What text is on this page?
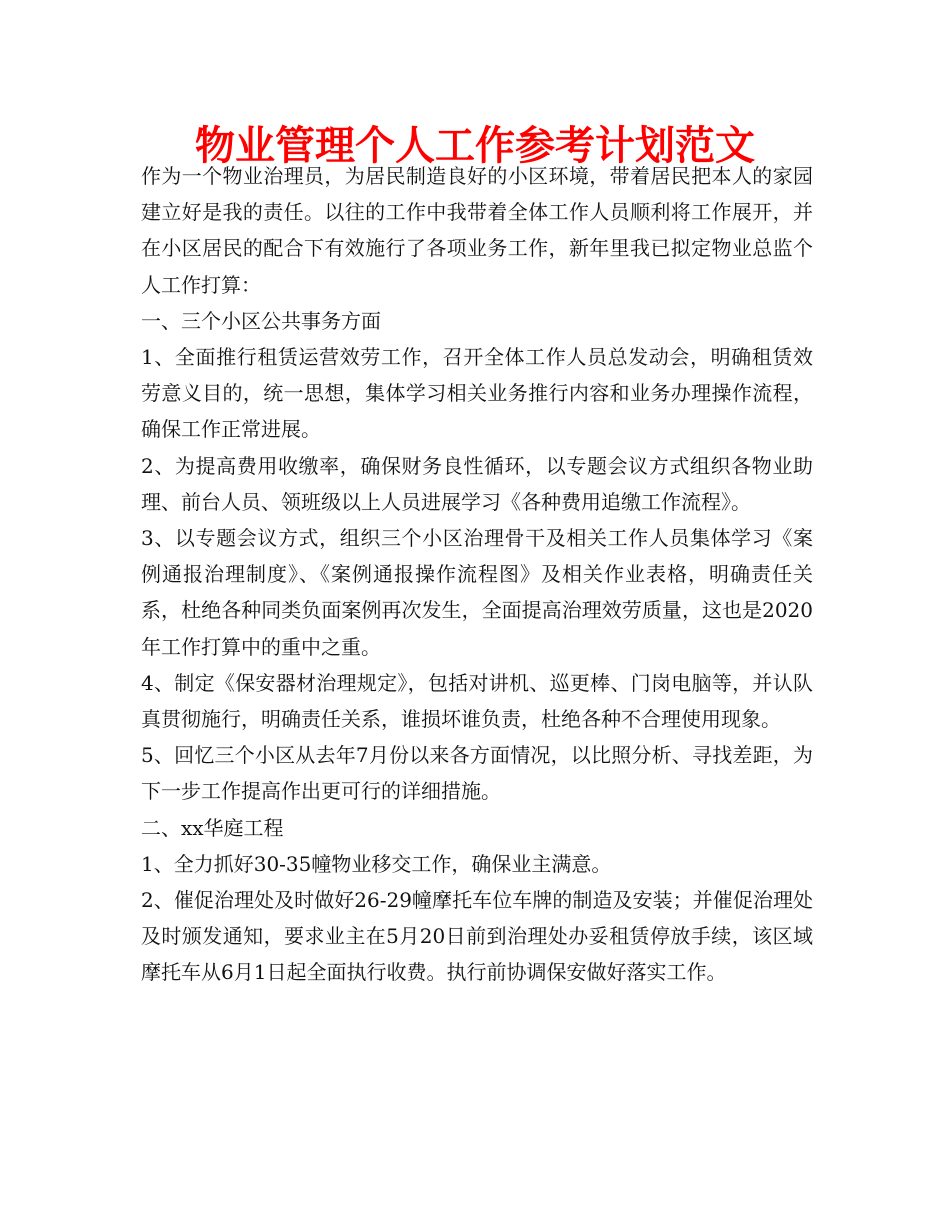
物业管理个人工作参考计划范文

作为一个物业治理员，为居民制造良好的小区环境，带着居民把本人的家园建立好是我的责任。以往的工作中我带着全体工作人员顺利将工作展开，并在小区居民的配合下有效施行了各项业务工作，新年里我已拟定物业总监个人工作打算：

一、三个小区公共事务方面

1、全面推行租赁运营效劳工作，召开全体工作人员总发动会，明确租赁效劳意义目的，统一思想，集体学习相关业务推行内容和业务办理操作流程，确保工作正常进展。

2、为提高费用收缴率，确保财务良性循环，以专题会议方式组织各物业助理、前台人员、领班级以上人员进展学习《各种费用追缴工作流程》。

3、以专题会议方式，组织三个小区治理骨干及相关工作人员集体学习《案例通报治理制度》、《案例通报操作流程图》及相关作业表格，明确责任关系，杜绝各种同类负面案例再次发生，全面提高治理效劳质量，这也是2020年工作打算中的重中之重。

4、制定《保安器材治理规定》，包括对讲机、巡更棒、门岗电脑等，并认队真贯彻施行，明确责任关系，谁损坏谁负责，杜绝各种不合理使用现象。

5、回忆三个小区从去年7月份以来各方面情况，以比照分析、寻找差距，为下一步工作提高作出更可行的详细措施。

二、xx华庭工程

1、全力抓好30-35幢物业移交工作，确保业主满意。

2、催促治理处及时做好26-29幢摩托车位车牌的制造及安装；并催促治理处及时颁发通知，要求业主在5月20日前到治理处办妥租赁停放手续，该区域摩托车从6月1日起全面执行收费。执行前协调保安做好落实工作。
